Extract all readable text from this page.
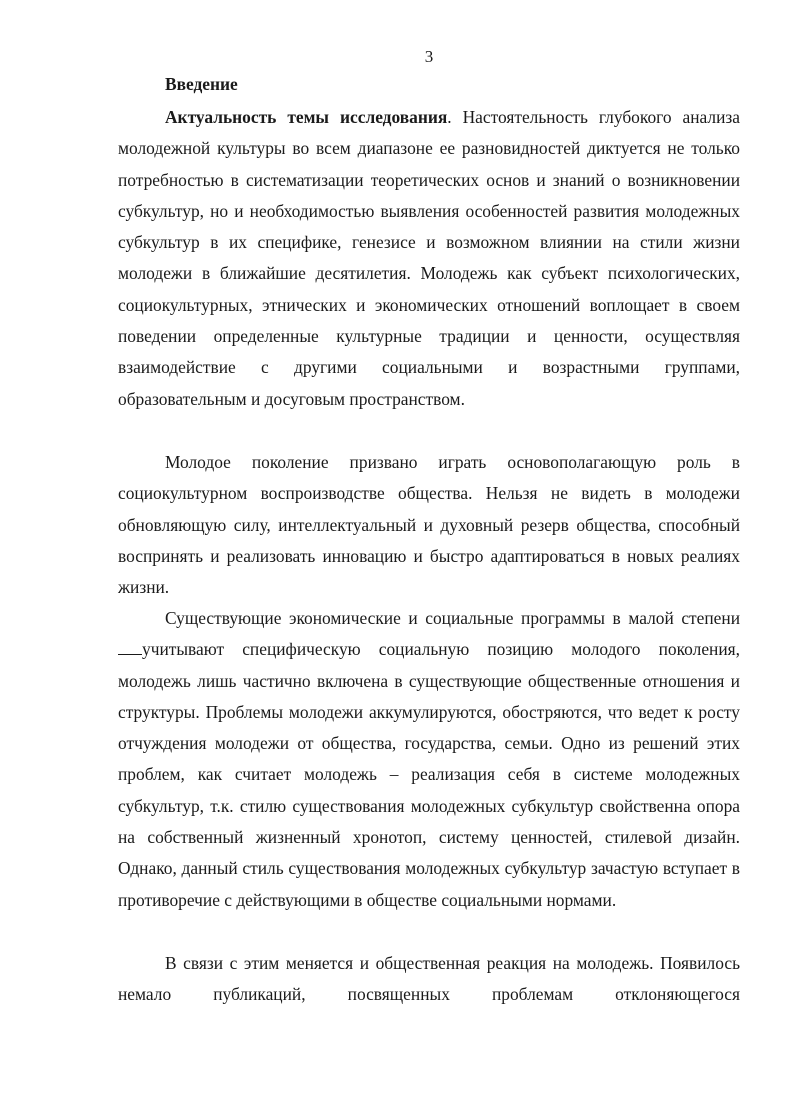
3
Введение

Актуальность темы исследования. Настоятельность глубокого анализа молодежной культуры во всем диапазоне ее разновидностей диктуется не только потребностью в систематизации теоретических основ и знаний о возникновении субкультур, но и необходимостью выявления особенностей развития молодежных субкультур в их специфике, генезисе и возможном влиянии на стили жизни молодежи в ближайшие десятилетия. Молодежь как субъект психологических, социокультурных, этнических и экономических отношений воплощает в своем поведении определенные культурные традиции и ценности, осуществляя взаимодействие с другими социальными и возрастными группами, образовательным и досуговым пространством.

Молодое поколение призвано играть основополагающую роль в социокультурном воспроизводстве общества. Нельзя не видеть в молодежи обновляющую силу, интеллектуальный и духовный резерв общества, способный воспринять и реализовать инновацию и быстро адаптироваться в новых реалиях жизни.

Существующие экономические и социальные программы в малой степениучитывают специфическую социальную позицию молодого поколения, молодежь лишь частично включена в существующие общественные отношения и структуры. Проблемы молодежи аккумулируются, обостряются, что ведет к росту отчуждения молодежи от общества, государства, семьи. Одно из решений этих проблем, как считает молодежь – реализация себя в системе молодежных субкультур, т.к. стилю существования молодежных субкультур свойственна опора на собственный жизненный хронотоп, систему ценностей, стилевой дизайн. Однако, данный стиль существования молодежных субкультур зачастую вступает в противоречие с действующими в обществе социальными нормами.

В связи с этим меняется и общественная реакция на молодежь. Появилось немало публикаций, посвященных проблемам отклоняющегося
